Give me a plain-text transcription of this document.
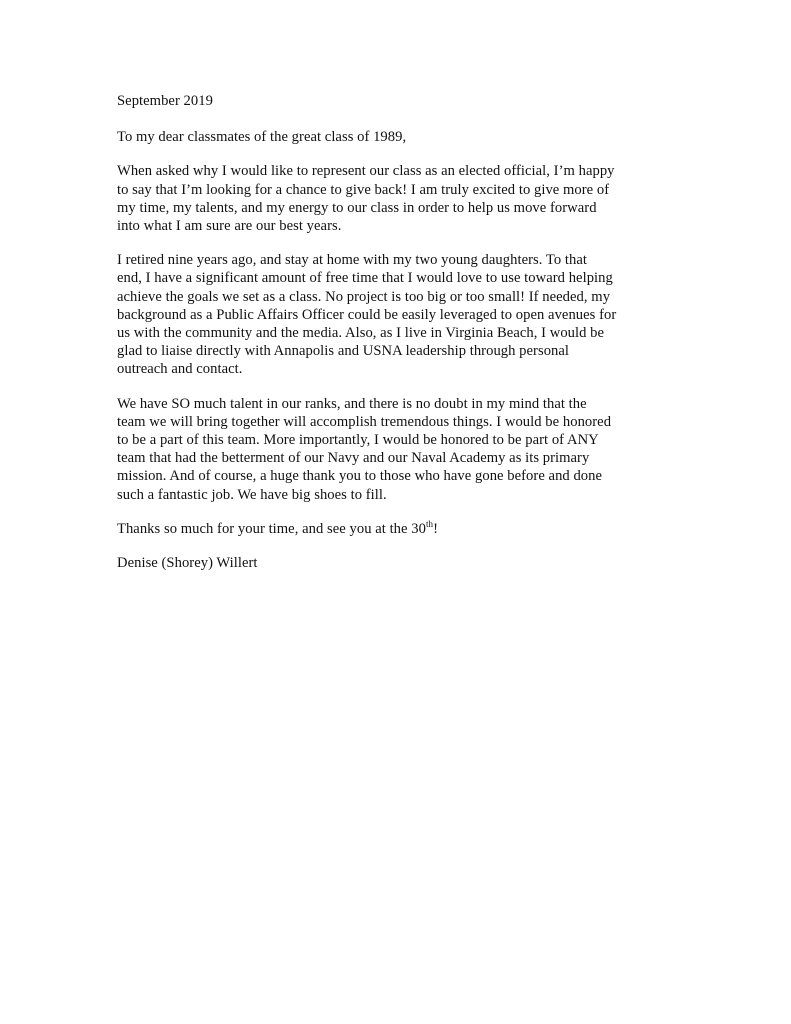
September 2019
To my dear classmates of the great class of 1989,
When asked why I would like to represent our class as an elected official, I’m happy
to say that I’m looking for a chance to give back! I am truly excited to give more of
my time, my talents, and my energy to our class in order to help us move forward
into what I am sure are our best years.
I retired nine years ago, and stay at home with my two young daughters. To that
end, I have a significant amount of free time that I would love to use toward helping
achieve the goals we set as a class. No project is too big or too small! If needed, my
background as a Public Affairs Officer could be easily leveraged to open avenues for
us with the community and the media. Also, as I live in Virginia Beach, I would be
glad to liaise directly with Annapolis and USNA leadership through personal
outreach and contact.
We have SO much talent in our ranks, and there is no doubt in my mind that the
team we will bring together will accomplish tremendous things. I would be honored
to be a part of this team. More importantly, I would be honored to be part of ANY
team that had the betterment of our Navy and our Naval Academy as its primary
mission. And of course, a huge thank you to those who have gone before and done
such a fantastic job. We have big shoes to fill.
Thanks so much for your time, and see you at the 30th!
Denise (Shorey) Willert
